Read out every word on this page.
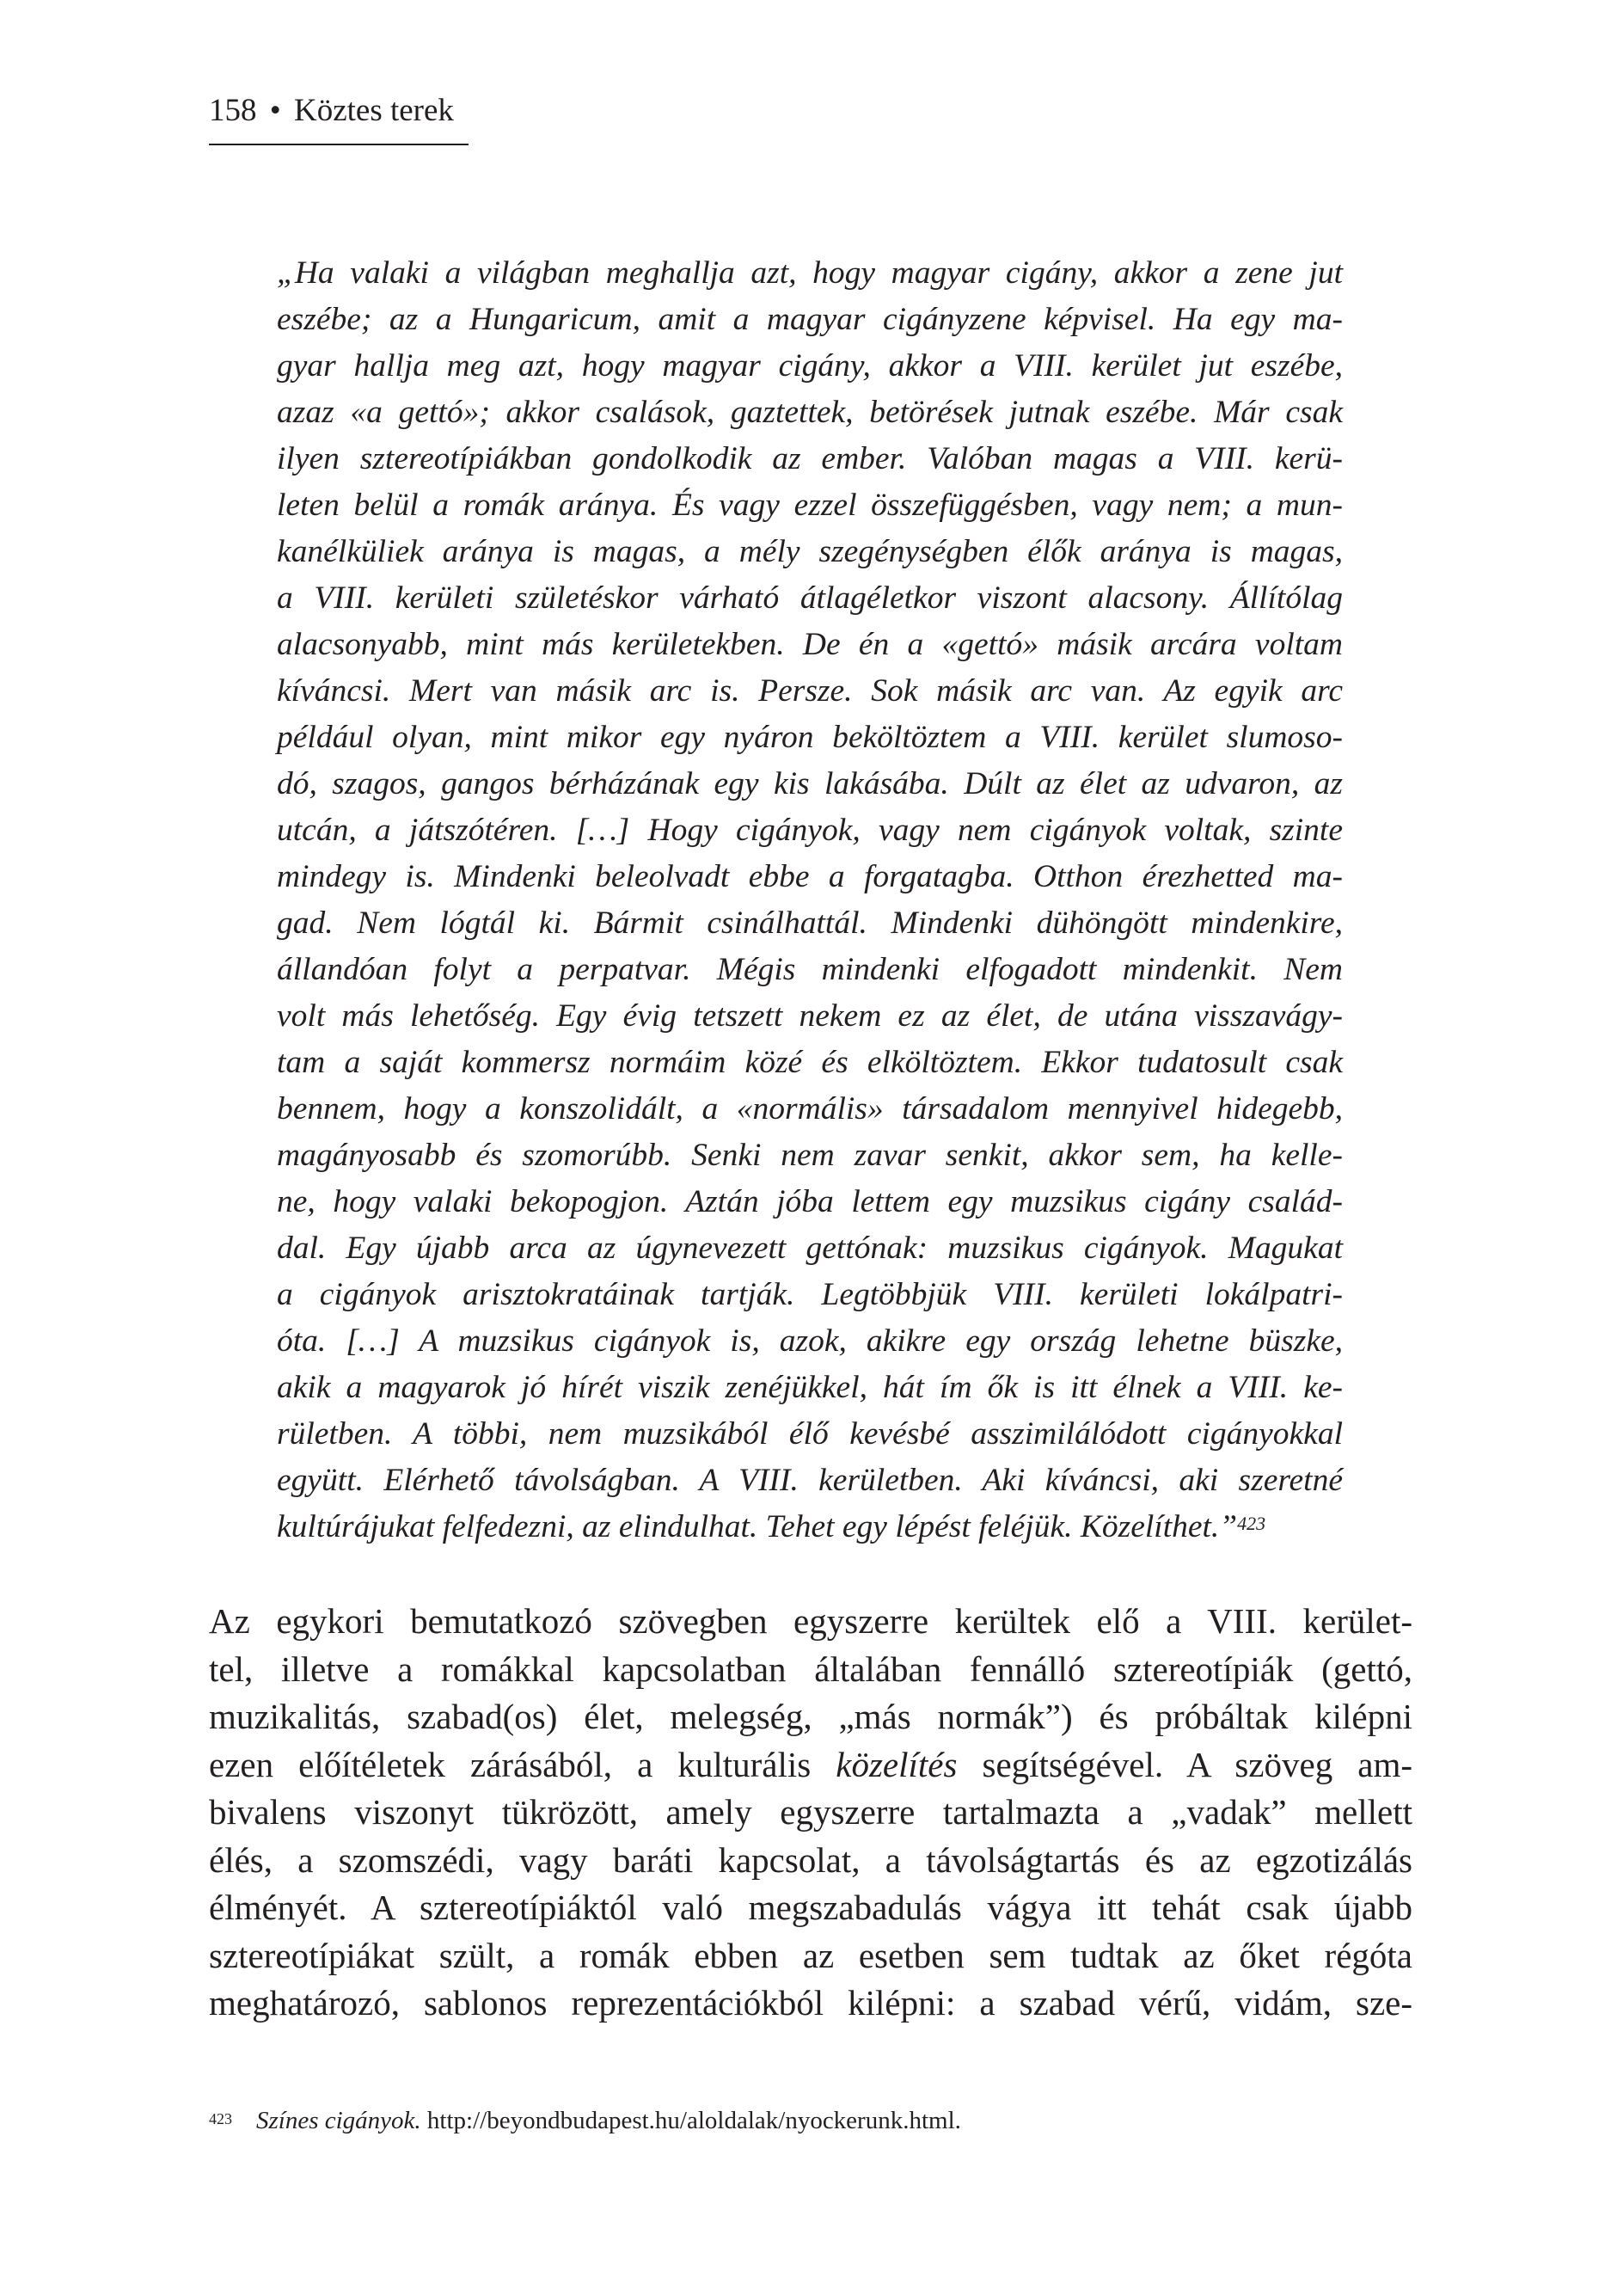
158 • Köztes terek
„Ha valaki a világban meghallja azt, hogy magyar cigány, akkor a zene jut
eszébe; az a Hungaricum, amit a magyar cigányzene képvisel. Ha egy ma-
gyar hallja meg azt, hogy magyar cigány, akkor a VIII. kerület jut eszébe,
azaz «a gettó»; akkor csalások, gaztettek, betörések jutnak eszébe. Már csak
ilyen sztereotípiákban gondolkodik az ember. Valóban magas a VIII. kerü-
leten belül a romák aránya. És vagy ezzel összefüggésben, vagy nem; a mun-
kanélküliek aránya is magas, a mély szegénységben élők aránya is magas,
a VIII. kerületi születéskor várható átlagéletkor viszont alacsony. Állítólag
alacsonyabb, mint más kerületekben. De én a «gettó» másik arcára voltam
kíváncsi. Mert van másik arc is. Persze. Sok másik arc van. Az egyik arc
például olyan, mint mikor egy nyáron beköltöztem a VIII. kerület slumoso-
dó, szagos, gangos bérházának egy kis lakásába. Dúlt az élet az udvaron, az
utcán, a játszótéren. […] Hogy cigányok, vagy nem cigányok voltak, szinte
mindegy is. Mindenki beleolvadt ebbe a forgatagba. Otthon érezhetted ma-
gad. Nem lógtál ki. Bármit csinálhattál. Mindenki dühöngött mindenkire,
állandóan folyt a perpatvar. Mégis mindenki elfogadott mindenkit. Nem
volt más lehetőség. Egy évig tetszett nekem ez az élet, de utána visszavágy-
tam a saját kommersz normáim közé és elköltöztem. Ekkor tudatosult csak
bennem, hogy a konszolidált, a «normális» társadalom mennyivel hidegebb,
magányosabb és szomorúbb. Senki nem zavar senkit, akkor sem, ha kelle-
ne, hogy valaki bekopogjon. Aztán jóba lettem egy muzsikus cigány család-
dal. Egy újabb arca az úgynevezett gettónak: muzsikus cigányok. Magukat
a cigányok arisztokratáinak tartják. Legtöbbjük VIII. kerületi lokálpatri-
óta. […] A muzsikus cigányok is, azok, akikre egy ország lehetne büszke,
akik a magyarok jó hírét viszik zenéjükkel, hát ím ők is itt élnek a VIII. ke-
rületben. A többi, nem muzsikából élő kevésbé asszimilálódott cigányokkal
együtt. Elérhető távolságban. A VIII. kerületben. Aki kíváncsi, aki szeretné
kultúrájukat felfedezni, az elindulhat. Tehet egy lépést feléjük. Közelíthet.”$^{423}$
Az egykori bemutatkozó szövegben egyszerre kerültek elő a VIII. kerület-
tel, illetve a romákkal kapcsolatban általában fennálló sztereotípiák (gettó,
muzikalitás, szabad(os) élet, melegség, „más normák”) és próbáltak kilépni
ezen előítéletek zárásából, a kulturális közelítés segítségével. A szöveg am-
bivalens viszonyt tükrözött, amely egyszerre tartalmazta a „vadak” mellett
élés, a szomszédi, vagy baráti kapcsolat, a távolságtartás és az egzotizálás
élményét. A sztereotípiáktól való megszabadulás vágya itt tehát csak újabb
sztereotípiákat szült, a romák ebben az esetben sem tudtak az őket régóta
meghatározó, sablonos reprezentációkból kilépni: a szabad vérű, vidám, sze-
$^{423}$ Színes cigányok. http://beyondbudapest.hu/aloldalak/nyockerunk.html.
